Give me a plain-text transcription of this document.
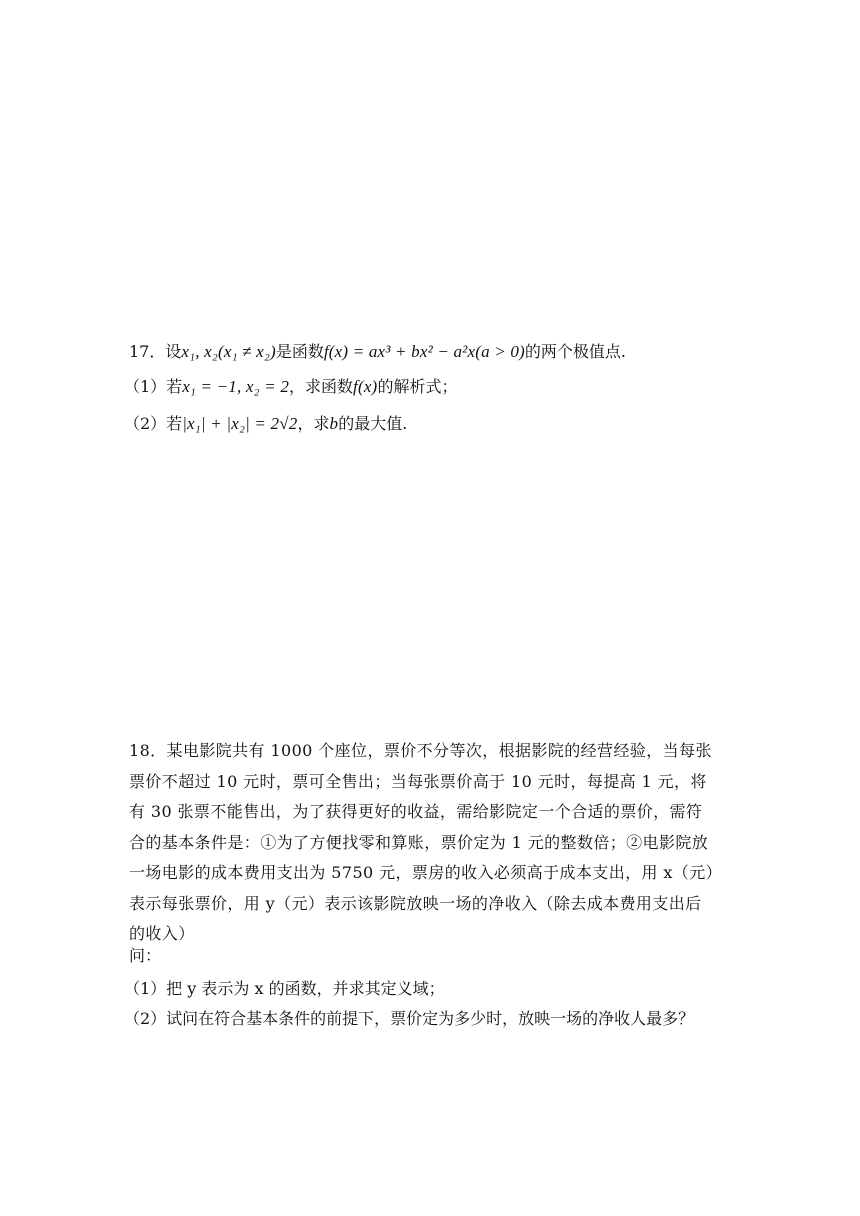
17．设x₁, x₂(x₁ ≠ x₂)是函数f(x) = ax³ + bx² − a²x(a > 0)的两个极值点.
（1）若x₁ = −1, x₂ = 2，求函数f(x)的解析式；
（2）若|x₁| + |x₂| = 2√2，求b的最大值.
18．某电影院共有 1000 个座位，票价不分等次，根据影院的经营经验，当每张
票价不超过 10 元时，票可全售出；当每张票价高于 10 元时，每提高 1 元，将
有 30 张票不能售出，为了获得更好的收益，需给影院定一个合适的票价，需符
合的基本条件是：①为了方便找零和算账，票价定为 1 元的整数倍；②电影院放
一场电影的成本费用支出为 5750 元，票房的收入必须高于成本支出，用 x（元）
表示每张票价，用 y（元）表示该影院放映一场的净收入（除去成本费用支出后
的收入）
问：
（1）把 y 表示为 x 的函数，并求其定义域；
（2）试问在符合基本条件的前提下，票价定为多少时，放映一场的净收人最多？
